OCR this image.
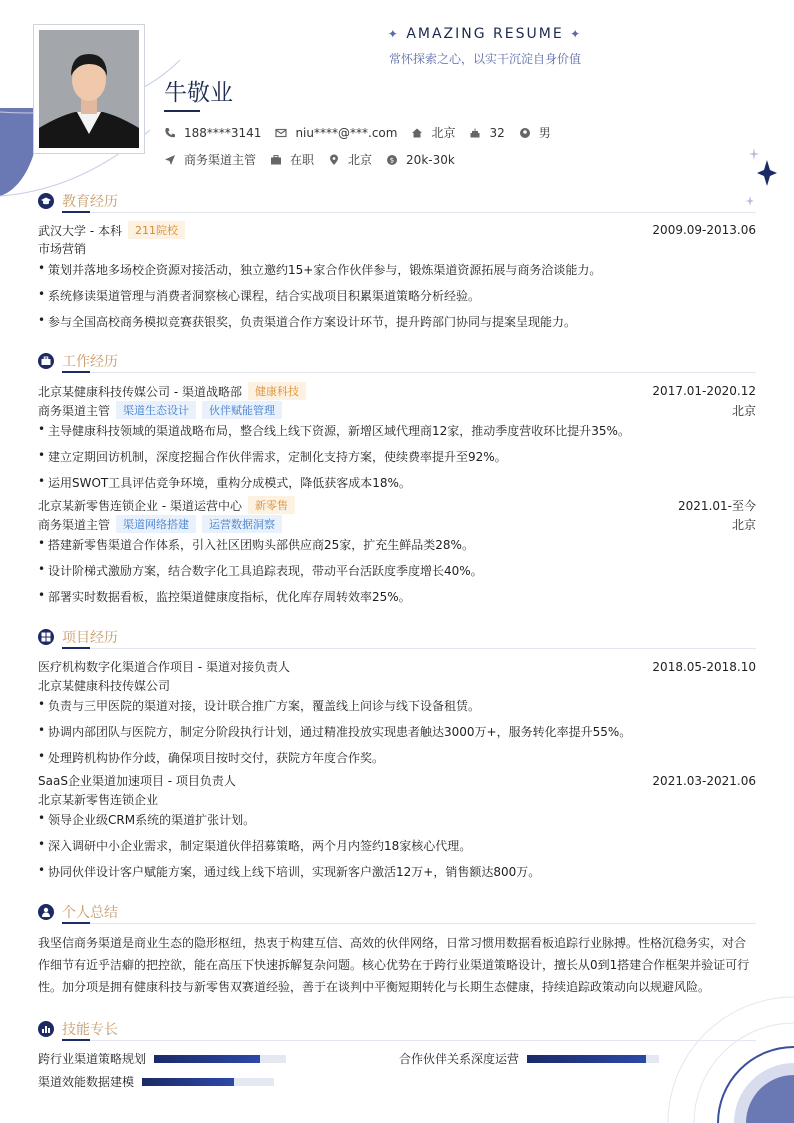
✦ AMAZING RESUME ✦
常怀探索之心，以实干沉淀自身价值
牛敬业
188****3141	niu****@***.com	北京	32	男
商务渠道主管	在职	北京	$ 20k-30k
教育经历
武汉大学 - 本科	211院校	2009.09-2013.06
市场营销
• 策划并落地多场校企资源对接活动，独立邀约15+家合作伙伴参与，锻炼渠道资源拓展与商务洽谈能力。
• 系统修读渠道管理与消费者洞察核心课程，结合实战项目积累渠道策略分析经验。
• 参与全国高校商务模拟竞赛获银奖，负责渠道合作方案设计环节，提升跨部门协同与提案呈现能力。
工作经历
北京某健康科技传媒公司 - 渠道战略部	健康科技	2017.01-2020.12
商务渠道主管	渠道生态设计	伙伴赋能管理	北京
• 主导健康科技领域的渠道战略布局，整合线上线下资源，新增区域代理商12家，推动季度营收环比提升35%。
• 建立定期回访机制，深度挖掘合作伙伴需求，定制化支持方案，使续费率提升至92%。
• 运用SWOT工具评估竞争环境，重构分成模式，降低获客成本18%。
北京某新零售连锁企业 - 渠道运营中心	新零售	2021.01-至今
商务渠道主管	渠道网络搭建	运营数据洞察	北京
• 搭建新零售渠道合作体系，引入社区团购头部供应商25家，扩充生鲜品类28%。
• 设计阶梯式激励方案，结合数字化工具追踪表现，带动平台活跃度季度增长40%。
• 部署实时数据看板，监控渠道健康度指标，优化库存周转效率25%。
项目经历
医疗机构数字化渠道合作项目 - 渠道对接负责人	2018.05-2018.10
北京某健康科技传媒公司
• 负责与三甲医院的渠道对接，设计联合推广方案，覆盖线上问诊与线下设备租赁。
• 协调内部团队与医院方，制定分阶段执行计划，通过精准投放实现患者触达3000万+，服务转化率提升55%。
• 处理跨机构协作分歧，确保项目按时交付，获院方年度合作奖。
SaaS企业渠道加速项目 - 项目负责人	2021.03-2021.06
北京某新零售连锁企业
• 领导企业级CRM系统的渠道扩张计划。
• 深入调研中小企业需求，制定渠道伙伴招募策略，两个月内签约18家核心代理。
• 协同伙伴设计客户赋能方案，通过线上线下培训，实现新客户激活12万+，销售额达800万。
个人总结
我坚信商务渠道是商业生态的隐形枢纽，热衷于构建互信、高效的伙伴网络，日常习惯用数据看板追踪行业脉搏。性格沉稳务实，对合
作细节有近乎洁癖的把控欲，能在高压下快速拆解复杂问题。核心优势在于跨行业渠道策略设计，擅长从0到1搭建合作框架并验证可行
性。加分项是拥有健康科技与新零售双赛道经验，善于在谈判中平衡短期转化与长期生态健康，持续追踪政策动向以规避风险。
技能专长
跨行业渠道策略规划	合作伙伴关系深度运营
渠道效能数据建模
